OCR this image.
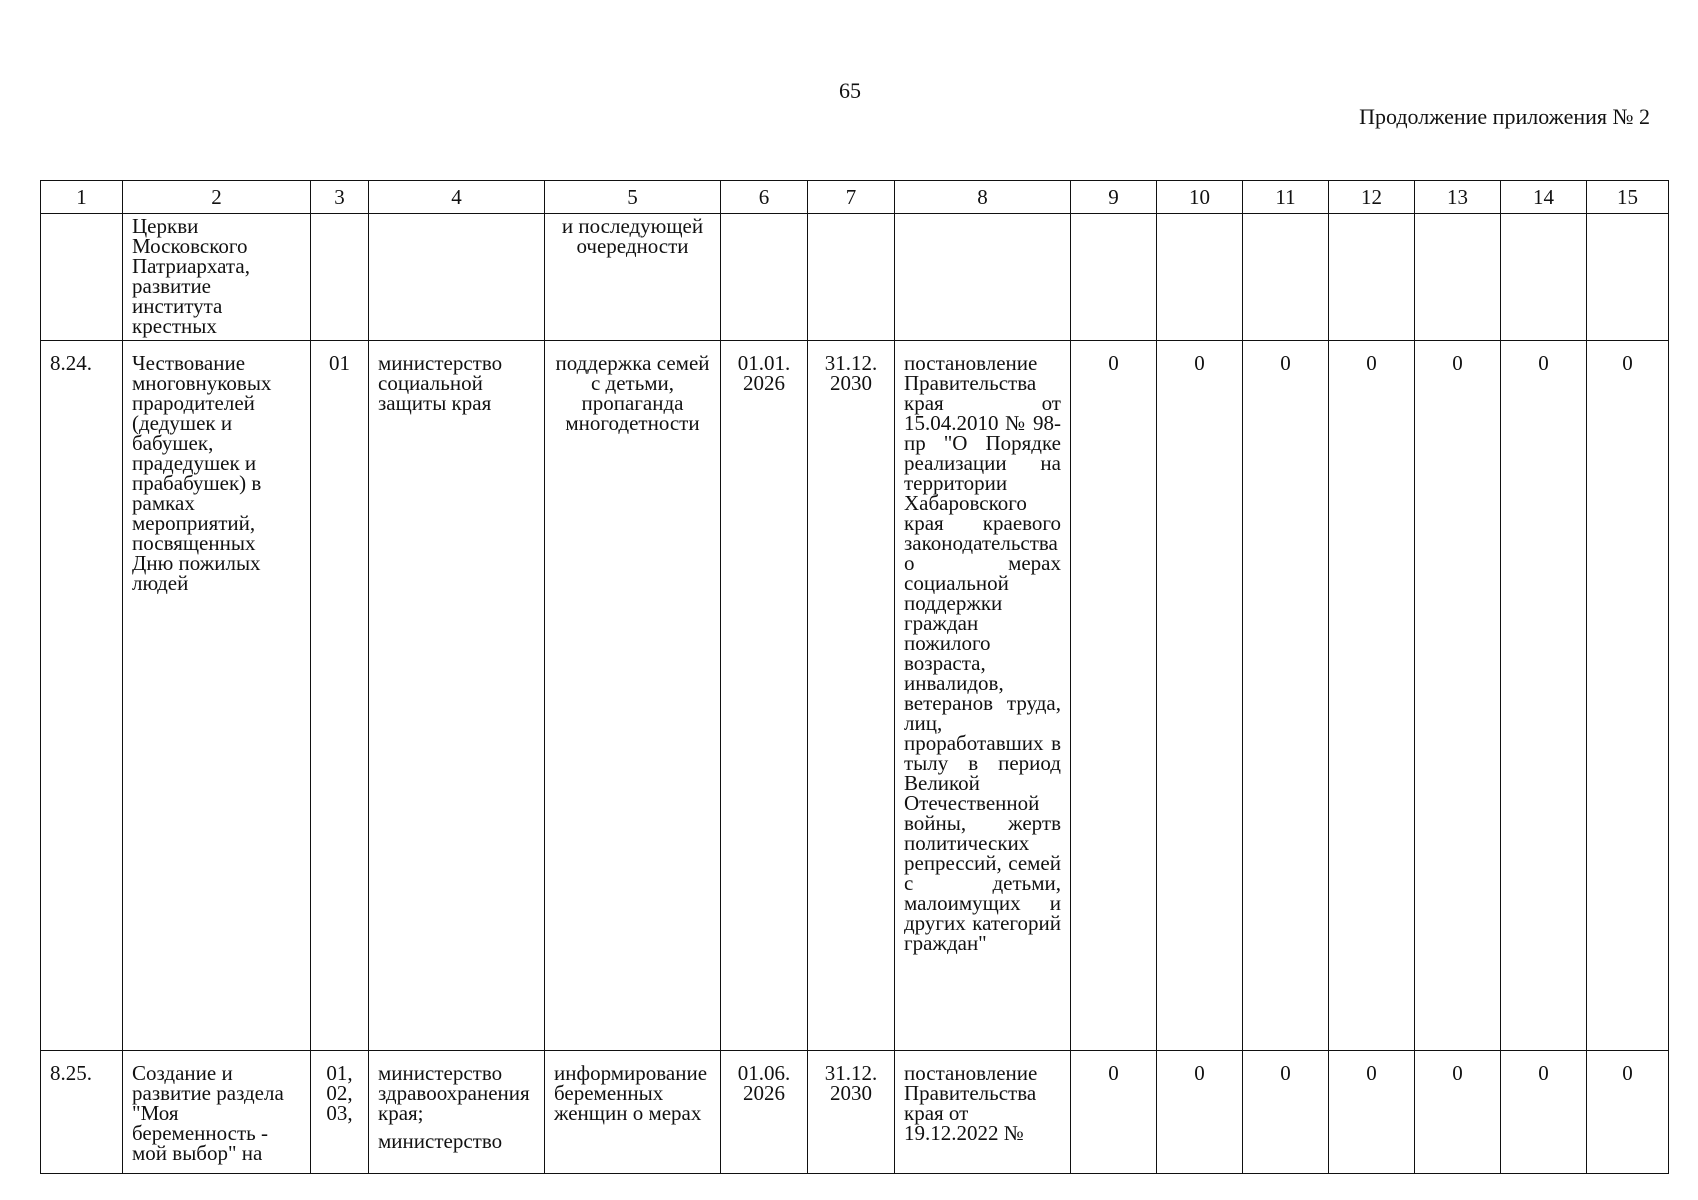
65
Продолжение приложения № 2
1	2	3	4	5	6	7	8	9	10	11	12	13	14	15
	Церкви Московского Патриархата, развитие института крестных			и последующей очередности										
8.24.	Чествование многовнуковых прародителей (дедушек и бабушек, прадедушек и прабабушек) в рамках мероприятий, посвященных Дню пожилых людей	01	министерство социальной защиты края	поддержка семей с детьми, пропаганда многодетности	01.01. 2026	31.12. 2030	постановление Правительства края от 15.04.2010 № 98-пр "О Порядке реализации на территории Хабаровского края краевого законодательства о мерах социальной поддержки граждан пожилого возраста, инвалидов, ветеранов труда, лиц, проработавших в тылу в период Великой Отечественной войны, жертв политических репрессий, семей с детьми, малоимущих и других категорий граждан"	0	0	0	0	0	0	0
8.25.	Создание и развитие раздела "Моя беременность - мой выбор" на	01, 02, 03,	министерство здравоохранения края;
министерство	информирование беременных женщин о мерах	01.06. 2026	31.12. 2030	постановление Правительства края от 19.12.2022 №	0	0	0	0	0	0	0
